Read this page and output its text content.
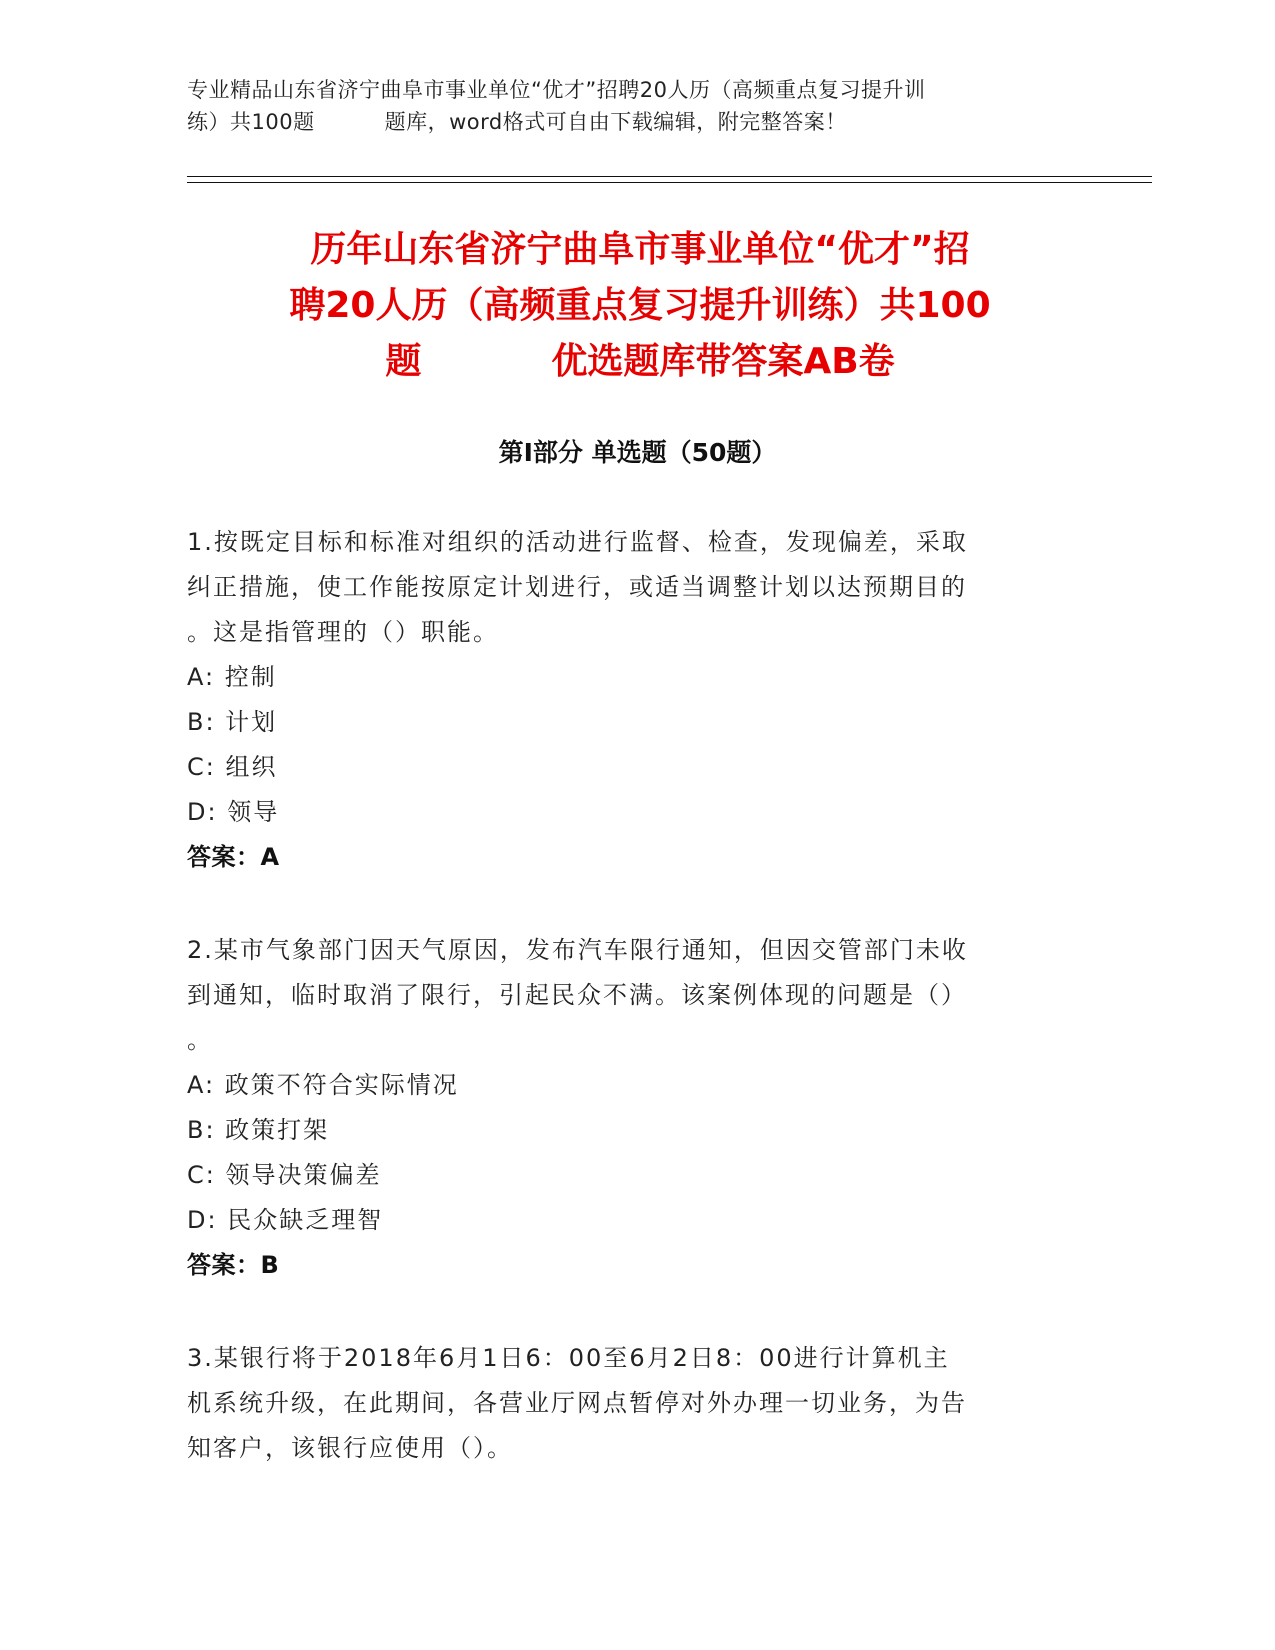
专业精品山东省济宁曲阜市事业单位“优才”招聘20人历（高频重点复习提升训
练）共100题	题库，word格式可自由下载编辑，附完整答案！
历年山东省济宁曲阜市事业单位“优才”招
聘20人历（高频重点复习提升训练）共100
题	优选题库带答案AB卷
第Ⅰ部分 单选题（50题）
1.按既定目标和标准对组织的活动进行监督、检查，发现偏差，采取
纠正措施，使工作能按原定计划进行，或适当调整计划以达预期目的
。这是指管理的（）职能。
A: 控制
B: 计划
C: 组织
D: 领导
答案：A
2.某市气象部门因天气原因，发布汽车限行通知，但因交管部门未收
到通知，临时取消了限行，引起民众不满。该案例体现的问题是（）
。
A: 政策不符合实际情况
B: 政策打架
C: 领导决策偏差
D: 民众缺乏理智
答案：B
3.某银行将于2018年6月1日6：00至6月2日8：00进行计算机主
机系统升级，在此期间，各营业厅网点暂停对外办理一切业务，为告
知客户，该银行应使用（）。
